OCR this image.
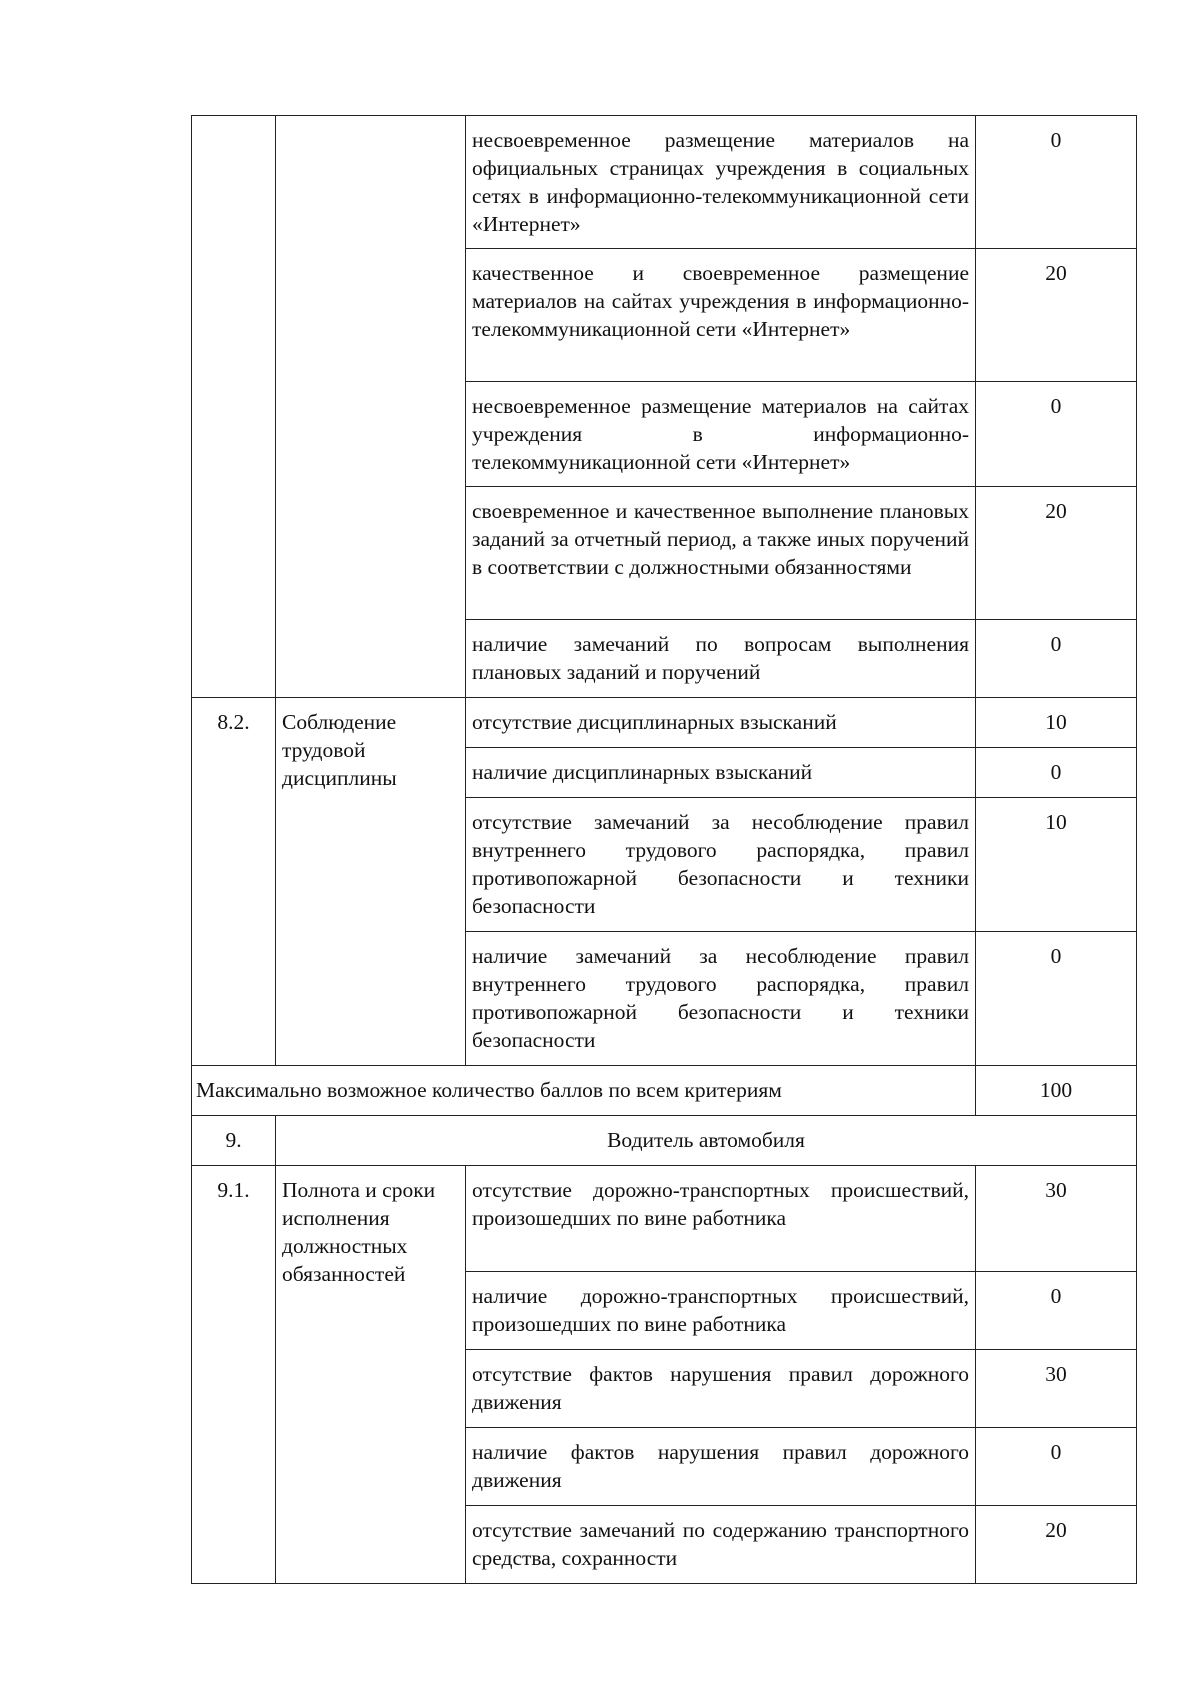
		несвоевременное размещение материалов на официальных страницах учреждения в социальных сетях в информационно-телекоммуникационной сети «Интернет»	0
		качественное и своевременное размещение материалов на сайтах учреждения в информационно-телекоммуникационной сети «Интернет»	20
		несвоевременное размещение материалов на сайтах учреждения в информационно-телекоммуникационной сети «Интернет»	0
		своевременное и качественное выполнение плановых заданий за отчетный период, а также иных поручений в соответствии с должностными обязанностями	20
		наличие замечаний по вопросам выполнения плановых заданий и поручений	0
8.2.	Соблюдение трудовой дисциплины	отсутствие дисциплинарных взысканий	10
		наличие дисциплинарных взысканий	0
		отсутствие замечаний за несоблюдение правил внутреннего трудового распорядка, правил противопожарной безопасности и техники безопасности	10
		наличие замечаний за несоблюдение правил внутреннего трудового распорядка, правил противопожарной безопасности и техники безопасности	0
Максимально возможное количество баллов по всем критериям			100
9.	Водитель автомобиля		
9.1.	Полнота и сроки исполнения должностных обязанностей	отсутствие дорожно-транспортных происшествий, произошедших по вине работника	30
		наличие дорожно-транспортных происшествий, произошедших по вине работника	0
		отсутствие фактов нарушения правил дорожного движения	30
		наличие фактов нарушения правил дорожного движения	0
		отсутствие замечаний по содержанию транспортного средства, сохранности	20
